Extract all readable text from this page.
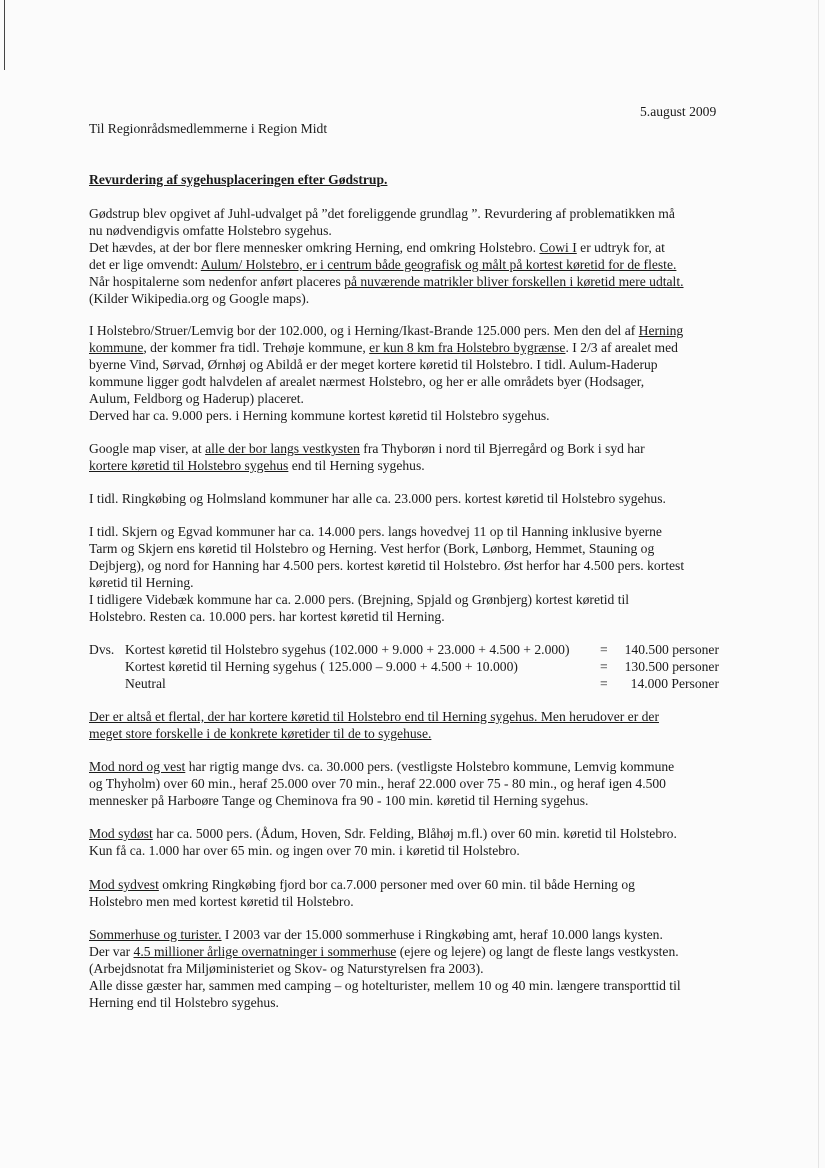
5.august 2009
Til Regionrådsmedlemmerne i Region Midt
Revurdering af sygehusplaceringen efter Gødstrup.
Gødstrup blev opgivet af Juhl-udvalget på ”det foreliggende grundlag ”. Revurdering af problematikken må
nu nødvendigvis omfatte Holstebro sygehus.
Det hævdes, at der bor flere mennesker omkring Herning, end omkring Holstebro. Cowi I er udtryk for, at
det er lige omvendt: Aulum/ Holstebro, er i centrum både geografisk og målt på kortest køretid for de fleste.
Når hospitalerne som nedenfor anført placeres på nuværende matrikler bliver forskellen i køretid mere udtalt.
(Kilder Wikipedia.org og Google maps).
I Holstebro/Struer/Lemvig bor der 102.000, og i Herning/Ikast-Brande 125.000 pers. Men den del af Herning
kommune, der kommer fra tidl. Trehøje kommune, er kun 8 km fra Holstebro bygrænse. I 2/3 af arealet med
byerne Vind, Sørvad, Ørnhøj og Abildå er der meget kortere køretid til Holstebro. I tidl. Aulum-Haderup
kommune ligger godt halvdelen af arealet nærmest Holstebro, og her er alle områdets byer (Hodsager,
Aulum, Feldborg og Haderup) placeret.
Derved har ca. 9.000 pers. i Herning kommune kortest køretid til Holstebro sygehus.
Google map viser, at alle der bor langs vestkysten fra Thyborøn i nord til Bjerregård og Bork i syd har
kortere køretid til Holstebro sygehus end til Herning sygehus.
I tidl. Ringkøbing og Holmsland kommuner har alle ca. 23.000 pers. kortest køretid til Holstebro sygehus.
I tidl. Skjern og Egvad kommuner har ca. 14.000 pers. langs hovedvej 11 op til Hanning inklusive byerne
Tarm og Skjern ens køretid til Holstebro og Herning. Vest herfor (Bork, Lønborg, Hemmet, Stauning og
Dejbjerg), og nord for Hanning har 4.500 pers. kortest køretid til Holstebro. Øst herfor har 4.500 pers. kortest
køretid til Herning.
I tidligere Videbæk kommune har ca. 2.000 pers. (Brejning, Spjald og Grønbjerg) kortest køretid til
Holstebro. Resten ca. 10.000 pers. har kortest køretid til Herning.
Dvs. Kortest køretid til Holstebro sygehus (102.000 + 9.000 + 23.000 + 4.500 + 2.000) =	140.500 personer
Kortest køretid til Herning sygehus ( 125.000 – 9.000 + 4.500 + 10.000)	=	130.500 personer
Neutral	=	14.000 Personer
Der er altså et flertal, der har kortere køretid til Holstebro end til Herning sygehus. Men herudover er der
meget store forskelle i de konkrete køretider til de to sygehuse.
Mod nord og vest har rigtig mange dvs. ca. 30.000 pers. (vestligste Holstebro kommune, Lemvig kommune
og Thyholm) over 60 min., heraf 25.000 over 70 min., heraf 22.000 over 75 - 80 min., og heraf igen 4.500
mennesker på Harboøre Tange og Cheminova fra 90 - 100 min. køretid til Herning sygehus.
Mod sydøst har ca. 5000 pers. (Ådum, Hoven, Sdr. Felding, Blåhøj m.fl.) over 60 min. køretid til Holstebro.
Kun få ca. 1.000 har over 65 min. og ingen over 70 min. i køretid til Holstebro.
Mod sydvest omkring Ringkøbing fjord bor ca.7.000 personer med over 60 min. til både Herning og
Holstebro men med kortest køretid til Holstebro.
Sommerhuse og turister. I 2003 var der 15.000 sommerhuse i Ringkøbing amt, heraf 10.000 langs kysten.
Der var 4.5 millioner årlige overnatninger i sommerhuse (ejere og lejere) og langt de fleste langs vestkysten.
(Arbejdsnotat fra Miljøministeriet og Skov- og Naturstyrelsen fra 2003).
Alle disse gæster har, sammen med camping – og hotelturister, mellem 10 og 40 min. længere transporttid til
Herning end til Holstebro sygehus.
